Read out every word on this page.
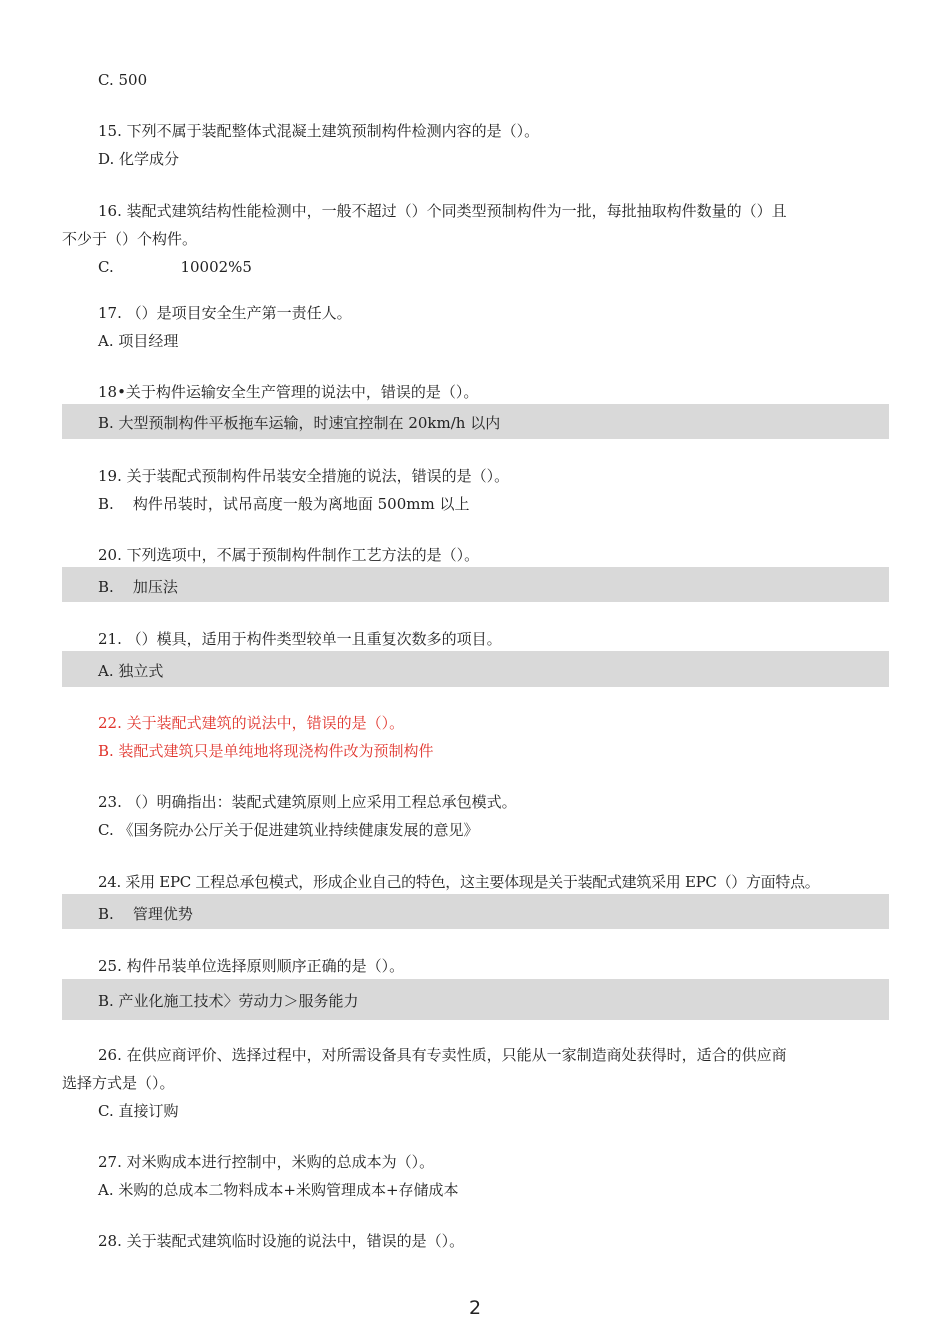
C. 500
15. 下列不属于装配整体式混凝土建筑预制构件检测内容的是（）。
D. 化学成分
16. 装配式建筑结构性能检测中，一般不超过（）个同类型预制构件为一批，每批抽取构件数量的（）且
不少于（）个构件。
C.              10002%5
17. （）是项目安全生产第一责任人。
A. 项目经理
18•关于构件运输安全生产管理的说法中，错误的是（）。
B. 大型预制构件平板拖车运输，时速宜控制在 20km/h 以内
19. 关于装配式预制构件吊装安全措施的说法，错误的是（）。
B.    构件吊装时，试吊高度一般为离地面 500mm 以上
20. 下列选项中，不属于预制构件制作工艺方法的是（）。
B.    加压法
21. （）模具，适用于构件类型较单一且重复次数多的项目。
A. 独立式
22. 关于装配式建筑的说法中，错误的是（）。
B. 装配式建筑只是单纯地将现浇构件改为预制构件
23. （）明确指出：装配式建筑原则上应采用工程总承包模式。
C. 《国务院办公厅关于促进建筑业持续健康发展的意见》
24. 采用 EPC 工程总承包模式，形成企业自己的特色，这主要体现是关于装配式建筑采用 EPC（）方面特点。
B.    管理优势
25. 构件吊装单位选择原则顺序正确的是（）。
B. 产业化施工技术〉劳动力＞服务能力
26. 在供应商评价、选择过程中，对所需设备具有专卖性质，只能从一家制造商处获得时，适合的供应商
选择方式是（）。
C. 直接订购
27. 对米购成本进行控制中，米购的总成本为（）。
A. 米购的总成本二物料成本+米购管理成本+存储成本
28. 关于装配式建筑临时设施的说法中，错误的是（）。
2
